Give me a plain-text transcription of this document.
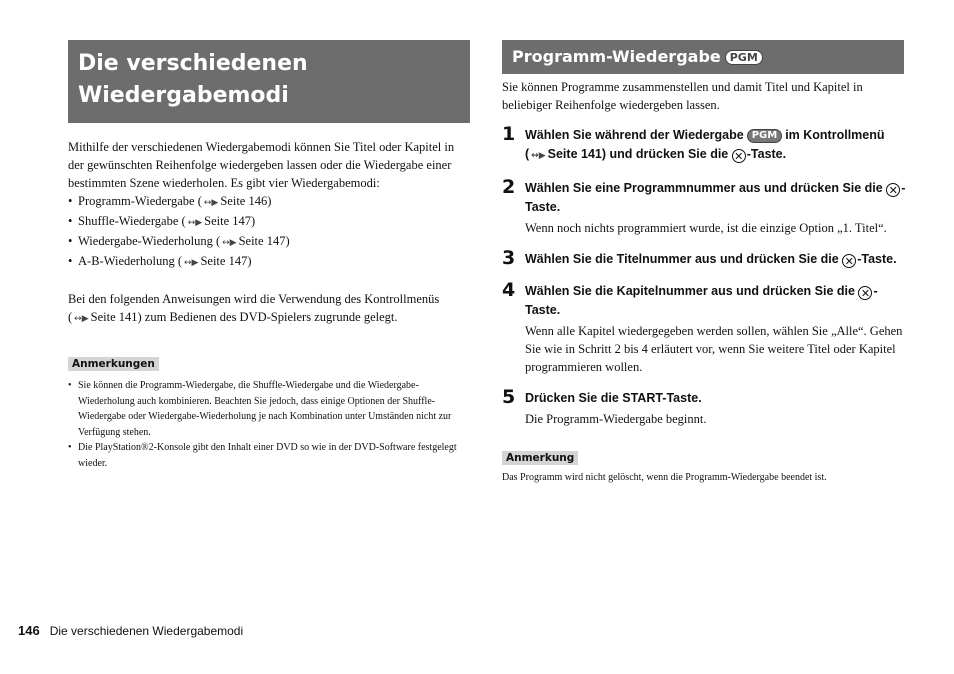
Die verschiedenen Wiedergabemodi
Programm-Wiedergabe PGM

Mithilfe der verschiedenen Wiedergabemodi können Sie Titel oder Kapitel in der gewünschten Reihenfolge wiedergeben lassen oder die Wiedergabe einer bestimmten Szene wiederholen. Es gibt vier Wiedergabemodi:

• Programm-Wiedergabe ( ↔▶ Seite 146)
• Shuffle-Wiedergabe ( ↔▶ Seite 147)
• Wiedergabe-Wiederholung ( ↔▶ Seite 147)
• A-B-Wiederholung ( ↔▶ Seite 147)

Bei den folgenden Anweisungen wird die Verwendung des Kontrollmenüs ( ↔▶ Seite 141) zum Bedienen des DVD-Spielers zugrunde gelegt.

Anmerkungen
• Sie können die Programm-Wiedergabe, die Shuffle-Wiedergabe und die Wiedergabe-Wiederholung auch kombinieren. Beachten Sie jedoch, dass einige Optionen der Shuffle-Wiedergabe oder Wiedergabe-Wiederholung je nach Kombination unter Umständen nicht zur Verfügung stehen.
• Die PlayStation®2-Konsole gibt den Inhalt einer DVD so wie in der DVD-Software festgelegt wieder.

Sie können Programme zusammenstellen und damit Titel und Kapitel in beliebiger Reihenfolge wiedergeben lassen.

1 Wählen Sie während der Wiedergabe PGM im Kontrollmenü ( ↔▶ Seite 141) und drücken Sie die ✕ -Taste.
2 Wählen Sie eine Programmnummer aus und drücken Sie die ✕ -Taste.
Wenn noch nichts programmiert wurde, ist die einzige Option „1. Titel“.
3 Wählen Sie die Titelnummer aus und drücken Sie die ✕ -Taste.
4 Wählen Sie die Kapitelnummer aus und drücken Sie die ✕ -Taste.
Wenn alle Kapitel wiedergegeben werden sollen, wählen Sie „Alle“. Gehen Sie wie in Schritt 2 bis 4 erläutert vor, wenn Sie weitere Titel oder Kapitel programmieren wollen.
5 Drücken Sie die START-Taste.
Die Programm-Wiedergabe beginnt.
Anmerkung
Das Programm wird nicht gelöscht, wenn die Programm-Wiedergabe beendet ist.
146 Die verschiedenen Wiedergabemodi
